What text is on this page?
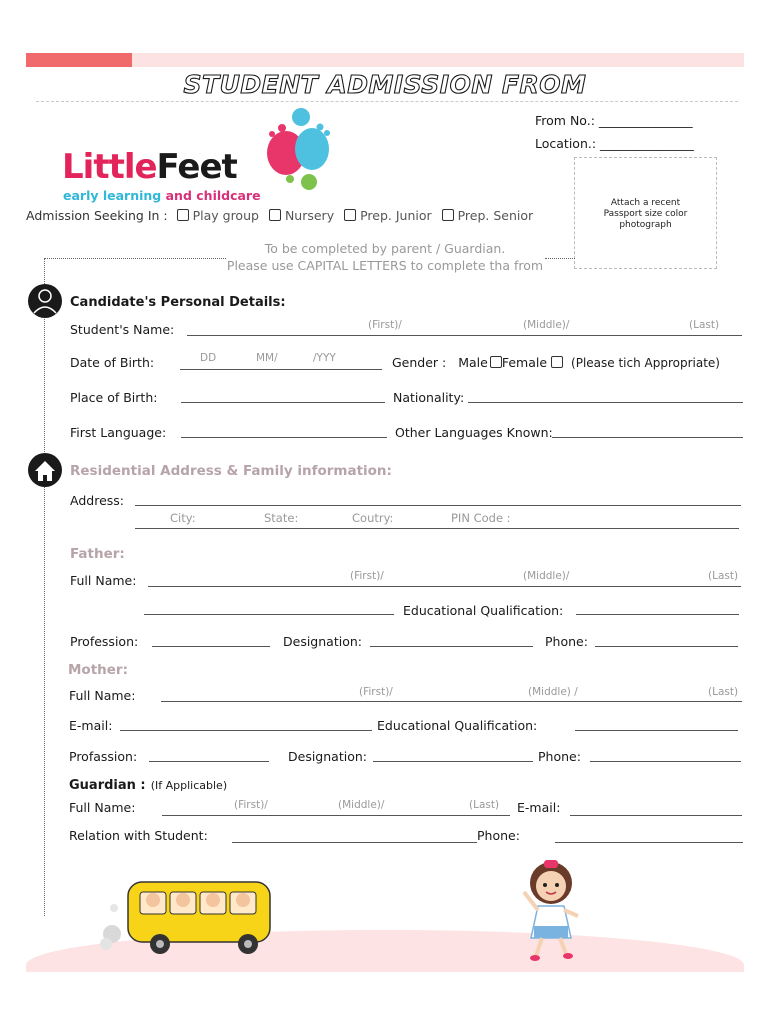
STUDENT ADMISSION FROM
LittleFeet
early learning and childcare
From No.: _______________
Location.: _______________
Attach a recent Passport size color photograph
Admission Seeking In : Play group Nursery Prep. Junior Prep. Senior
To be completed by parent / Guardian.
Please use CAPITAL LETTERS to complete tha from
Candidate's Personal Details:
Student's Name:	(First)/	(Middle)/	(Last)
Date of Birth:	DD	MM/	/YYY	Gender : Male Female (Please tich Appropriate)
Place of Birth:	Nationality:
First Language:	Other Languages Known:
Residential Address & Family information:
Address:
City:	State:	Coutry:	PIN Code :
Father:
Full Name:	(First)/	(Middle)/	(Last)
Educational Qualification:
Profession:	Designation:	Phone:
Mother:
Full Name:	(First)/	(Middle) /	(Last)
E-mail:	Educational Qualification:
Profassion:	Designation:	Phone:
Guardian : (If Applicable)
Full Name:	(First)/	(Middle)/	(Last) E-mail:
Relation with Student:	Phone:
